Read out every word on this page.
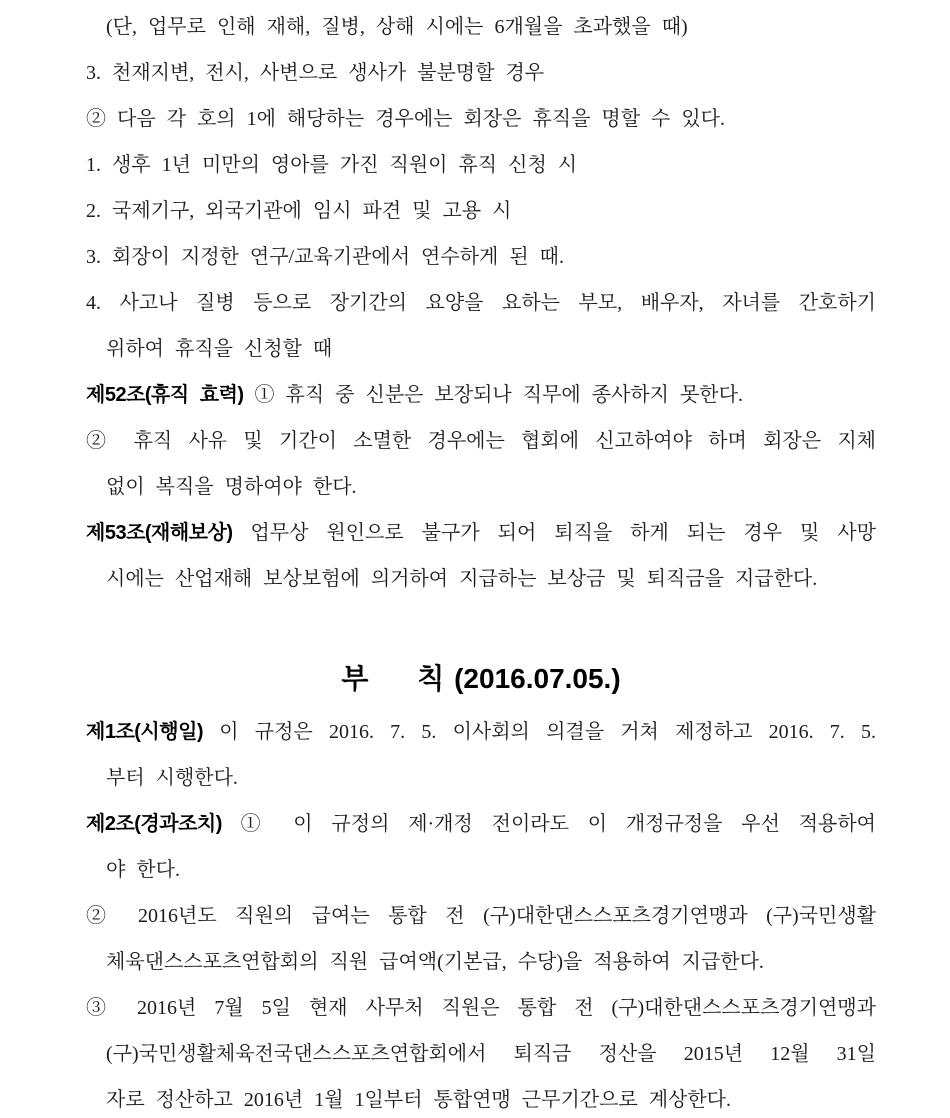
(단, 업무로 인해 재해, 질병, 상해 시에는 6개월을 초과했을 때)
3. 천재지변, 전시, 사변으로 생사가 불분명할 경우
② 다음 각 호의 1에 해당하는 경우에는 회장은 휴직을 명할 수 있다.
1. 생후 1년 미만의 영아를 가진 직원이 휴직 신청 시
2. 국제기구, 외국기관에 임시 파견 및 고용 시
3. 회장이 지정한 연구/교육기관에서 연수하게 된 때.
4. 사고나 질병 등으로 장기간의 요양을 요하는 부모, 배우자, 자녀를 간호하기
위하여 휴직을 신청할 때
제52조(휴직 효력) ① 휴직 중 신분은 보장되나 직무에 종사하지 못한다.
② 휴직 사유 및 기간이 소멸한 경우에는 협회에 신고하여야 하며 회장은 지체
없이 복직을 명하여야 한다.
제53조(재해보상) 업무상 원인으로 불구가 되어 퇴직을 하게 되는 경우 및 사망
시에는 산업재해 보상보험에 의거하여 지급하는 보상금 및 퇴직금을 지급한다.
부     칙 (2016.07.05.)
제1조(시행일) 이 규정은 2016. 7. 5. 이사회의 의결을 거쳐 제정하고 2016. 7. 5.
부터 시행한다.
제2조(경과조치) ① 이 규정의 제·개정 전이라도 이 개정규정을 우선 적용하여
야 한다.
② 2016년도 직원의 급여는 통합 전 (구)대한댄스스포츠경기연맹과 (구)국민생활
체육댄스스포츠연합회의 직원 급여액(기본급, 수당)을 적용하여 지급한다.
③ 2016년 7월 5일 현재 사무처 직원은 통합 전 (구)대한댄스스포츠경기연맹과
(구)국민생활체육전국댄스스포츠연합회에서 퇴직금 정산을 2015년 12월 31일
자로 정산하고 2016년 1월 1일부터 통합연맹 근무기간으로 계상한다.
